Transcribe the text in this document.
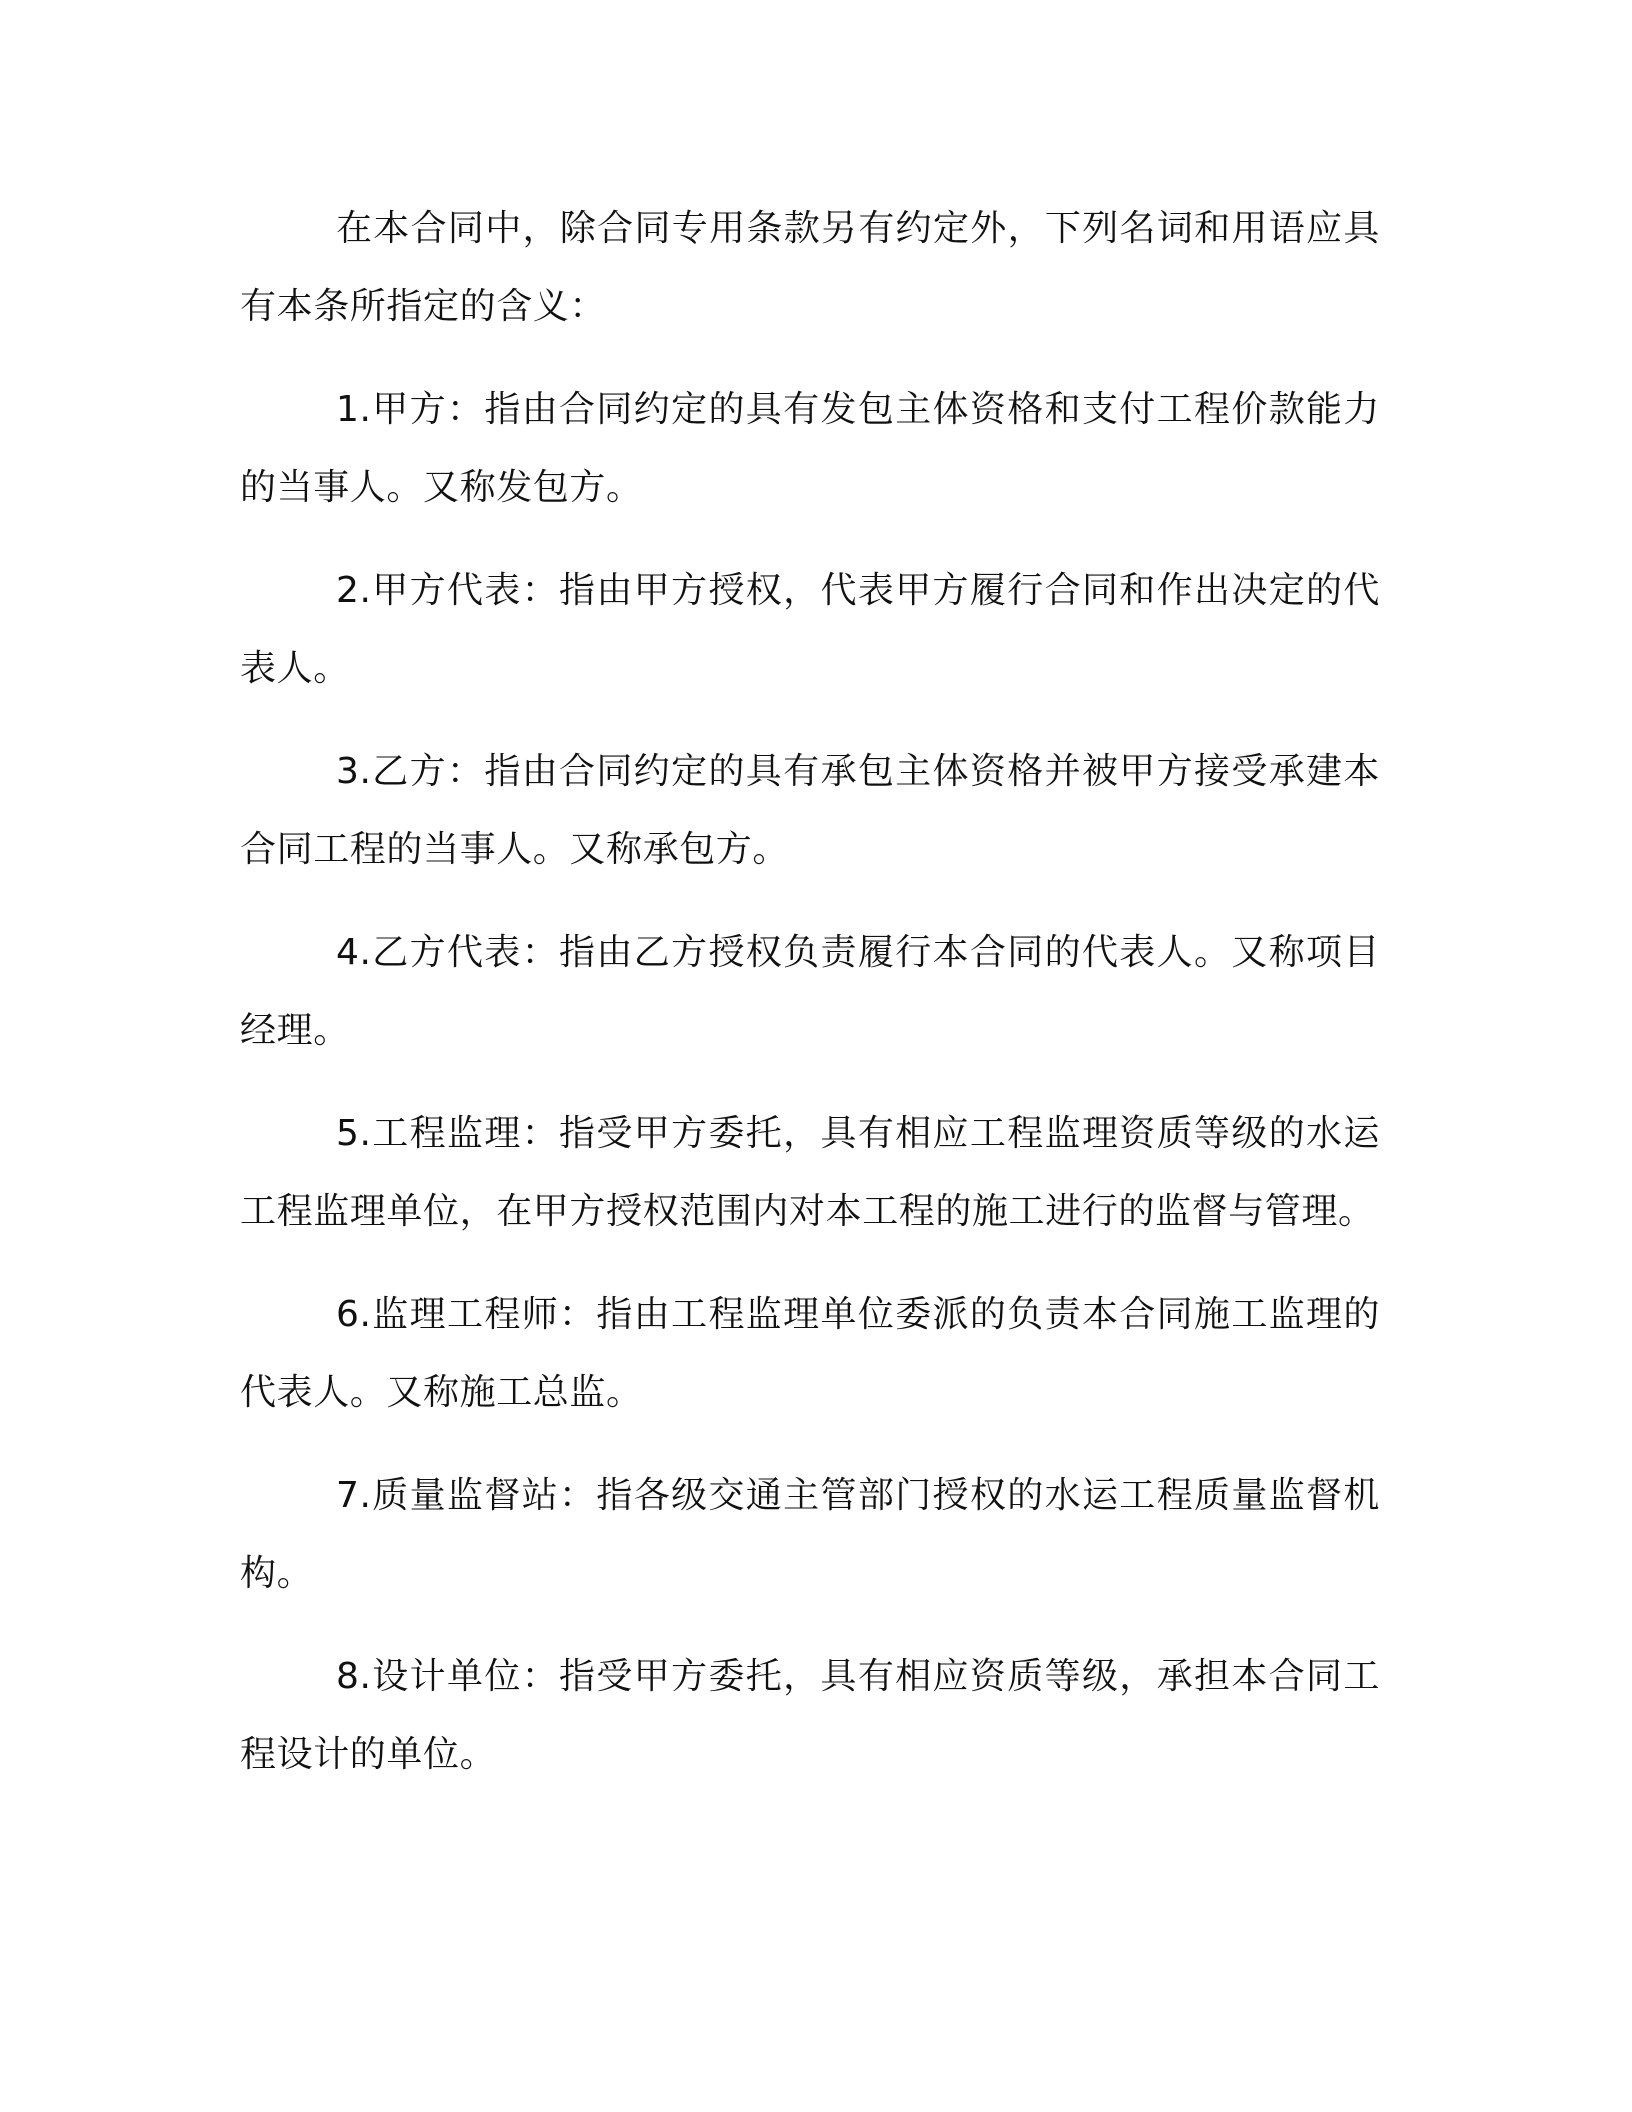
在本合同中，除合同专用条款另有约定外，下列名词和用语应具有本条所指定的含义：

1.甲方：指由合同约定的具有发包主体资格和支付工程价款能力的当事人。又称发包方。

2.甲方代表：指由甲方授权，代表甲方履行合同和作出决定的代表人。

3.乙方：指由合同约定的具有承包主体资格并被甲方接受承建本合同工程的当事人。又称承包方。

4.乙方代表：指由乙方授权负责履行本合同的代表人。又称项目经理。

5.工程监理：指受甲方委托，具有相应工程监理资质等级的水运工程监理单位，在甲方授权范围内对本工程的施工进行的监督与管理。

6.监理工程师：指由工程监理单位委派的负责本合同施工监理的代表人。又称施工总监。

7.质量监督站：指各级交通主管部门授权的水运工程质量监督机构。

8.设计单位：指受甲方委托，具有相应资质等级，承担本合同工程设计的单位。
